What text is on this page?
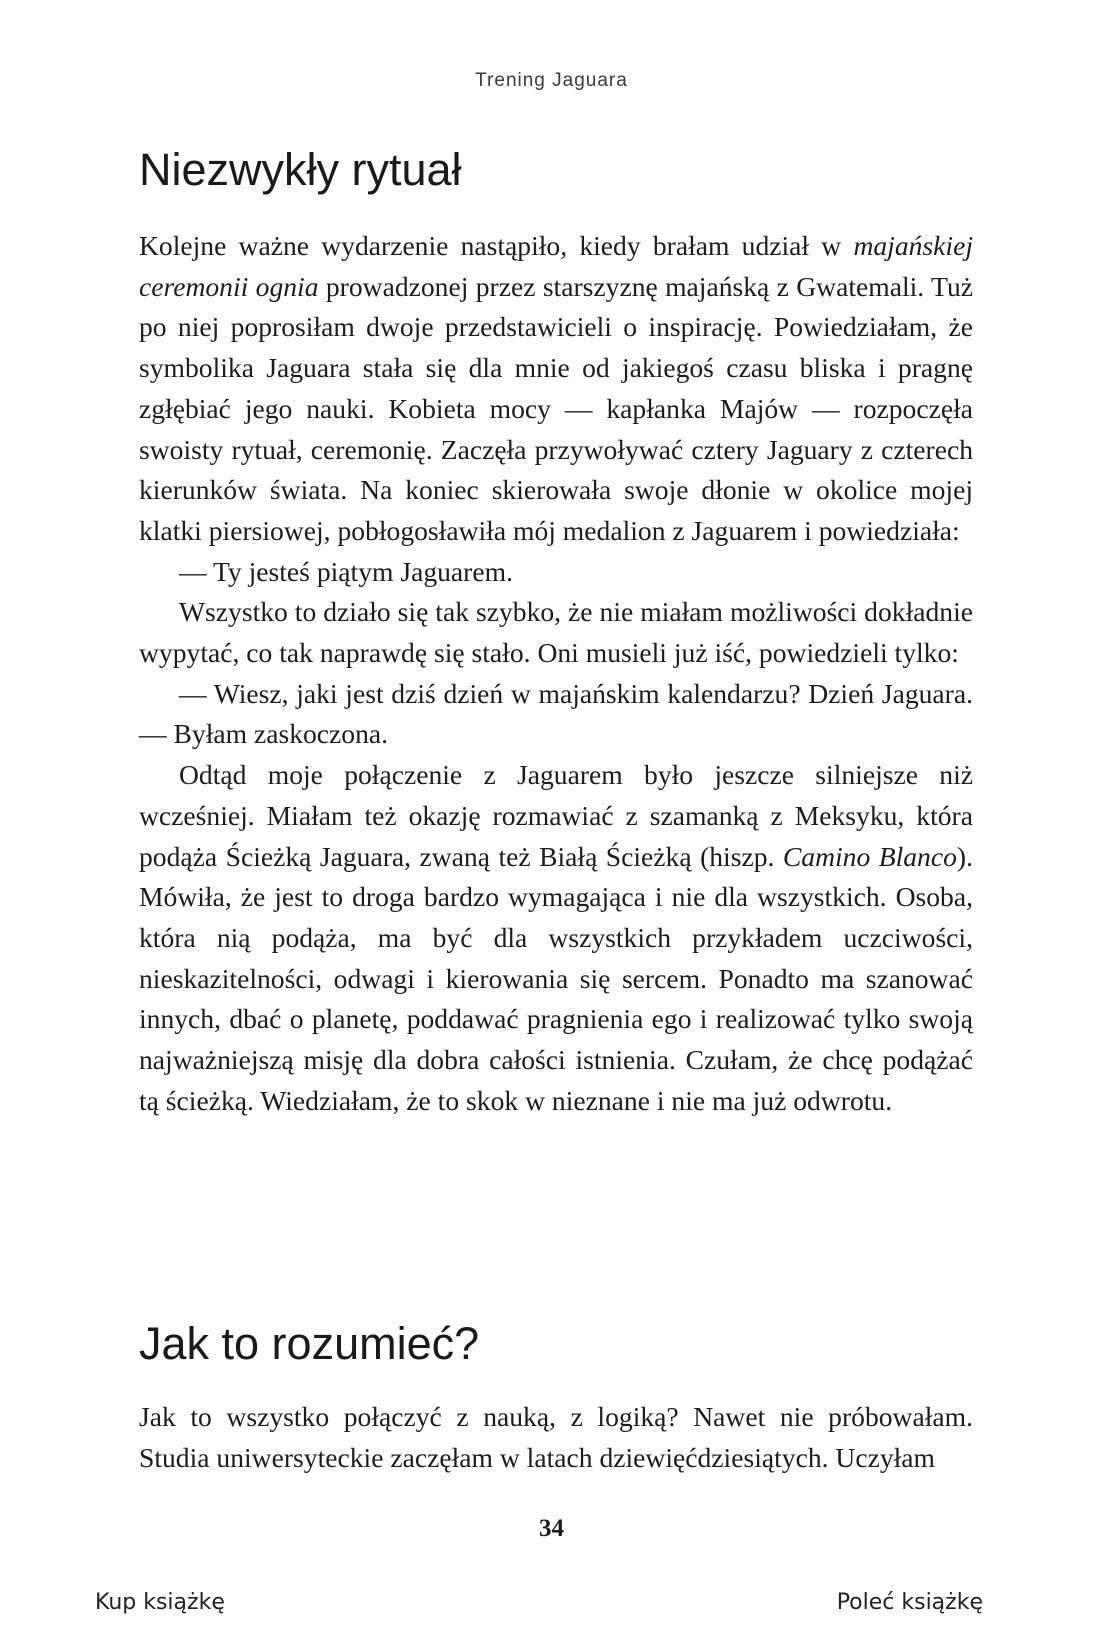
Trening Jaguara
Niezwykły rytuał

Kolejne ważne wydarzenie nastąpiło, kiedy brałam udział w majańskiej ceremonii ognia prowadzonej przez starszyznę majańską z Gwatemali. Tuż po niej poprosiłam dwoje przedstawicieli o inspirację. Powiedziałam, że symbolika Jaguara stała się dla mnie od jakiegoś czasu bliska i pragnę zgłębiać jego nauki. Kobieta mocy — kapłanka Majów — rozpoczęła swoisty rytuał, ceremonię. Zaczęła przywoływać cztery Jaguary z czterech kierunków świata. Na koniec skierowała swoje dłonie w okolice mojej klatki piersiowej, pobłogosławiła mój medalion z Jaguarem i powiedziała:

— Ty jesteś piątym Jaguarem.

Wszystko to działo się tak szybko, że nie miałam możliwości dokładnie wypytać, co tak naprawdę się stało. Oni musieli już iść, powiedzieli tylko:

— Wiesz, jaki jest dziś dzień w majańskim kalendarzu? Dzień Jaguara. — Byłam zaskoczona.

Odtąd moje połączenie z Jaguarem było jeszcze silniejsze niż wcześniej. Miałam też okazję rozmawiać z szamanką z Meksyku, która podąża Ścieżką Jaguara, zwaną też Białą Ścieżką (hiszp. Camino Blanco). Mówiła, że jest to droga bardzo wymagająca i nie dla wszystkich. Osoba, która nią podąża, ma być dla wszystkich przykładem uczciwości, nieskazitelności, odwagi i kierowania się sercem. Ponadto ma szanować innych, dbać o planetę, poddawać pragnienia ego i realizować tylko swoją najważniejszą misję dla dobra całości istnienia. Czułam, że chcę podążać tą ścieżką. Wiedziałam, że to skok w nieznane i nie ma już odwrotu.

Jak to rozumieć?

Jak to wszystko połączyć z nauką, z logiką? Nawet nie próbowałam. Studia uniwersyteckie zaczęłam w latach dziewięćdziesiątych. Uczyłam

34
Kup książkę	Poleć książkę
